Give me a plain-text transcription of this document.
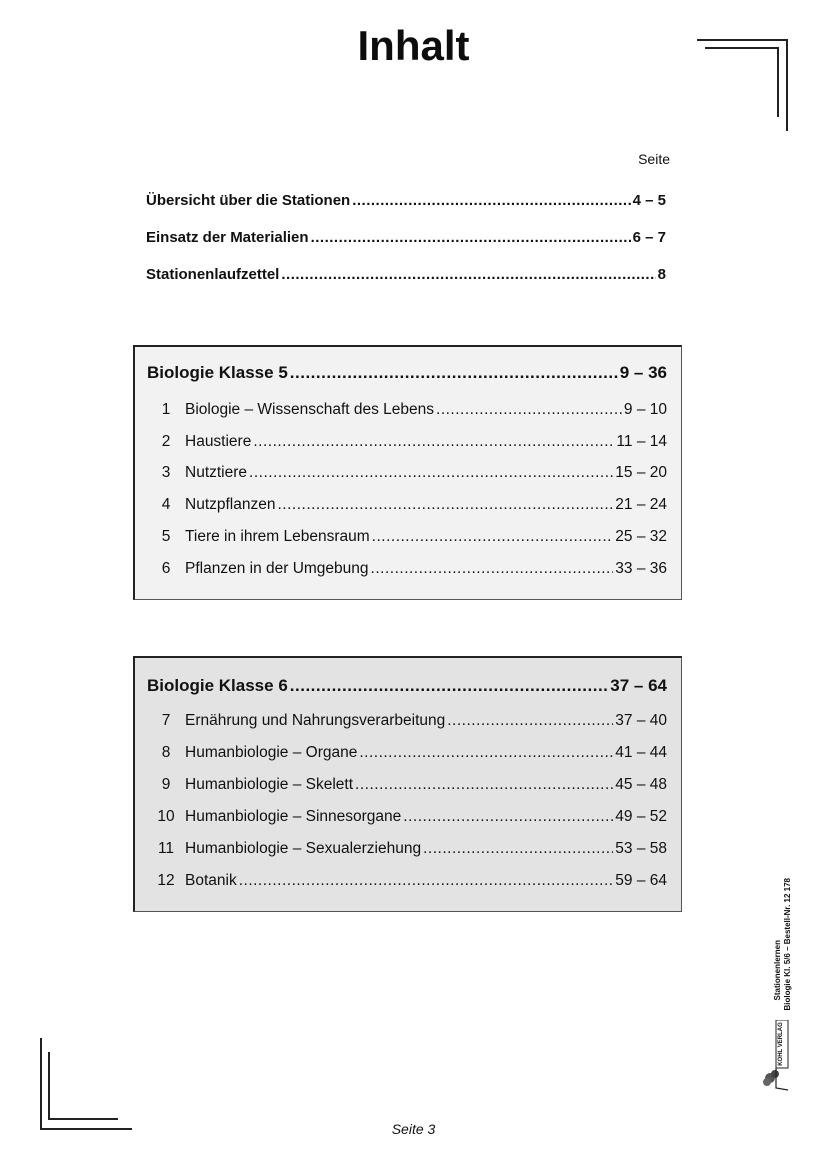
Inhalt
Seite
Übersicht über die Stationen .....	4 – 5
Einsatz der Materialien .....	6 – 7
Stationenlaufzettel .....	8
Biologie Klasse 5 .....	9 – 36
1 Biologie – Wissenschaft des Lebens .....	9 – 10
2 Haustiere .....	11 – 14
3 Nutztiere .....	15 – 20
4 Nutzpflanzen .....	21 – 24
5 Tiere in ihrem Lebensraum .....	25 – 32
6 Pflanzen in der Umgebung .....	33 – 36
Biologie Klasse 6 .....	37 – 64
7 Ernährung und Nahrungsverarbeitung .....	37 – 40
8 Humanbiologie – Organe .....	41 – 44
9 Humanbiologie – Skelett .....	45 – 48
10 Humanbiologie – Sinnesorgane .....	49 – 52
11 Humanbiologie – Sexualerziehung .....	53 – 58
12 Botanik .....	59 – 64
Stationenlernen Biologie Kl. 5/6 – Bestell-Nr. 12 178
KOHL VERLAG
Seite 3
